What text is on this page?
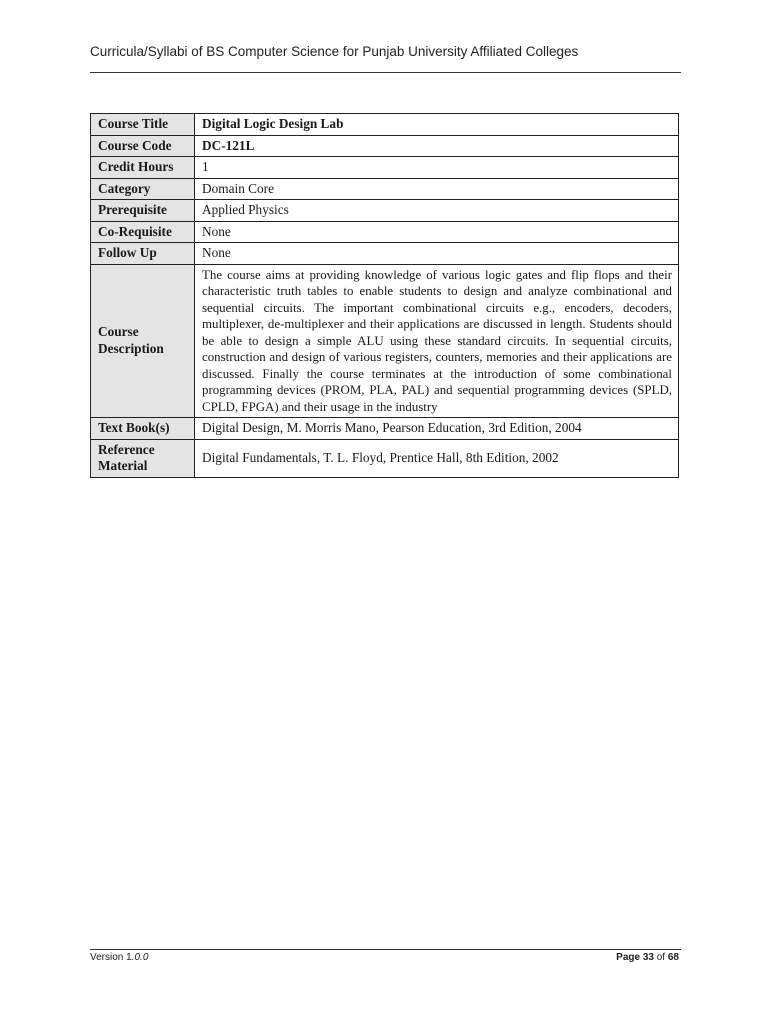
Curricula/Syllabi of BS Computer Science for Punjab University Affiliated Colleges
Course Title	Digital Logic Design Lab
Course Code	DC-121L
Credit Hours	1
Category	Domain Core
Prerequisite	Applied Physics
Co-Requisite	None
Follow Up	None
Course Description	The course aims at providing knowledge of various logic gates and flip flops and their characteristic truth tables to enable students to design and analyze combinational and sequential circuits. The important combinational circuits e.g., encoders, decoders, multiplexer, de-multiplexer and their applications are discussed in length. Students should be able to design a simple ALU using these standard circuits. In sequential circuits, construction and design of various registers, counters, memories and their applications are discussed. Finally the course terminates at the introduction of some combinational programming devices (PROM, PLA, PAL) and sequential programming devices (SPLD, CPLD, FPGA) and their usage in the industry
Text Book(s)	Digital Design, M. Morris Mano, Pearson Education, 3rd Edition, 2004
Reference Material	Digital Fundamentals, T. L. Floyd, Prentice Hall, 8th Edition, 2002
Version 1.0.0	Page 33 of 68
